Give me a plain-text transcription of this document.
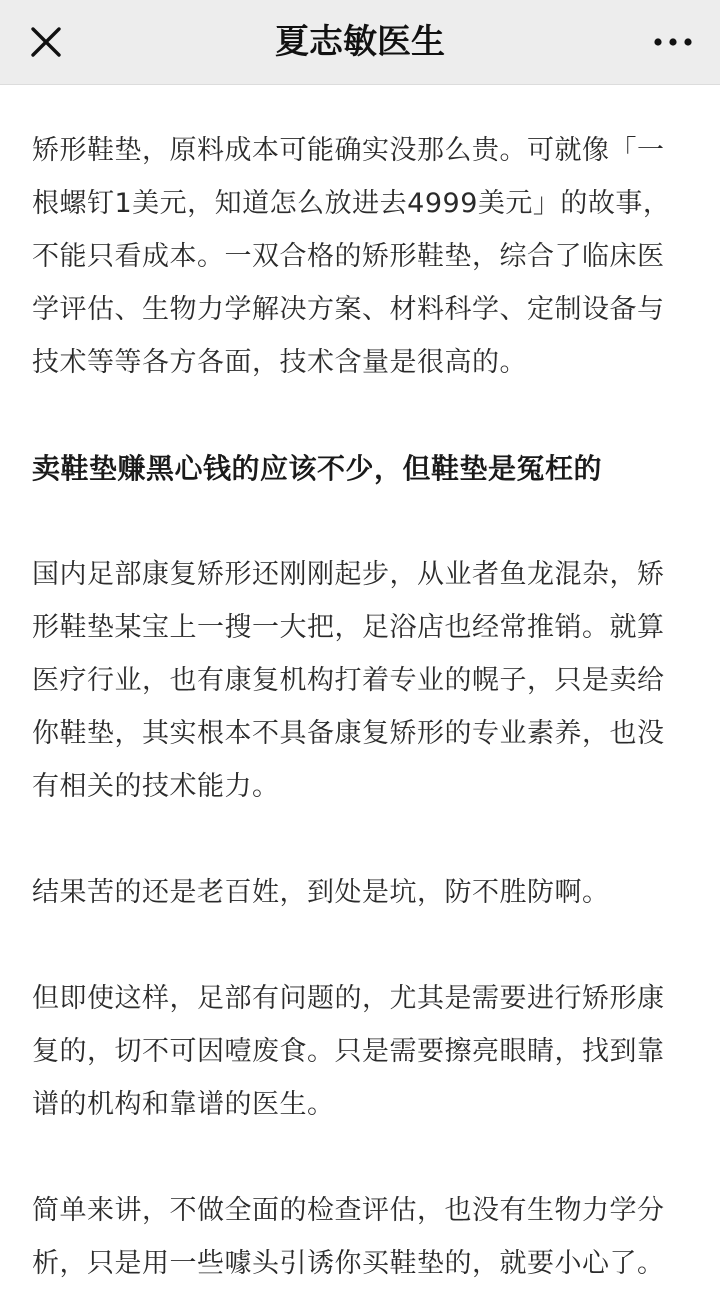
夏志敏医生

矫形鞋垫，原料成本可能确实没那么贵。可就像「一
根螺钉1美元，知道怎么放进去4999美元」的故事，
不能只看成本。一双合格的矫形鞋垫，综合了临床医
学评估、生物力学解决方案、材料科学、定制设备与
技术等等各方各面，技术含量是很高的。

卖鞋垫赚黑心钱的应该不少，但鞋垫是冤枉的

国内足部康复矫形还刚刚起步，从业者鱼龙混杂，矫
形鞋垫某宝上一搜一大把，足浴店也经常推销。就算
医疗行业，也有康复机构打着专业的幌子，只是卖给
你鞋垫，其实根本不具备康复矫形的专业素养，也没
有相关的技术能力。

结果苦的还是老百姓，到处是坑，防不胜防啊。

但即使这样，足部有问题的，尤其是需要进行矫形康
复的，切不可因噎废食。只是需要擦亮眼睛，找到靠
谱的机构和靠谱的医生。

简单来讲，不做全面的检查评估，也没有生物力学分
析，只是用一些噱头引诱你买鞋垫的，就要小心了。
